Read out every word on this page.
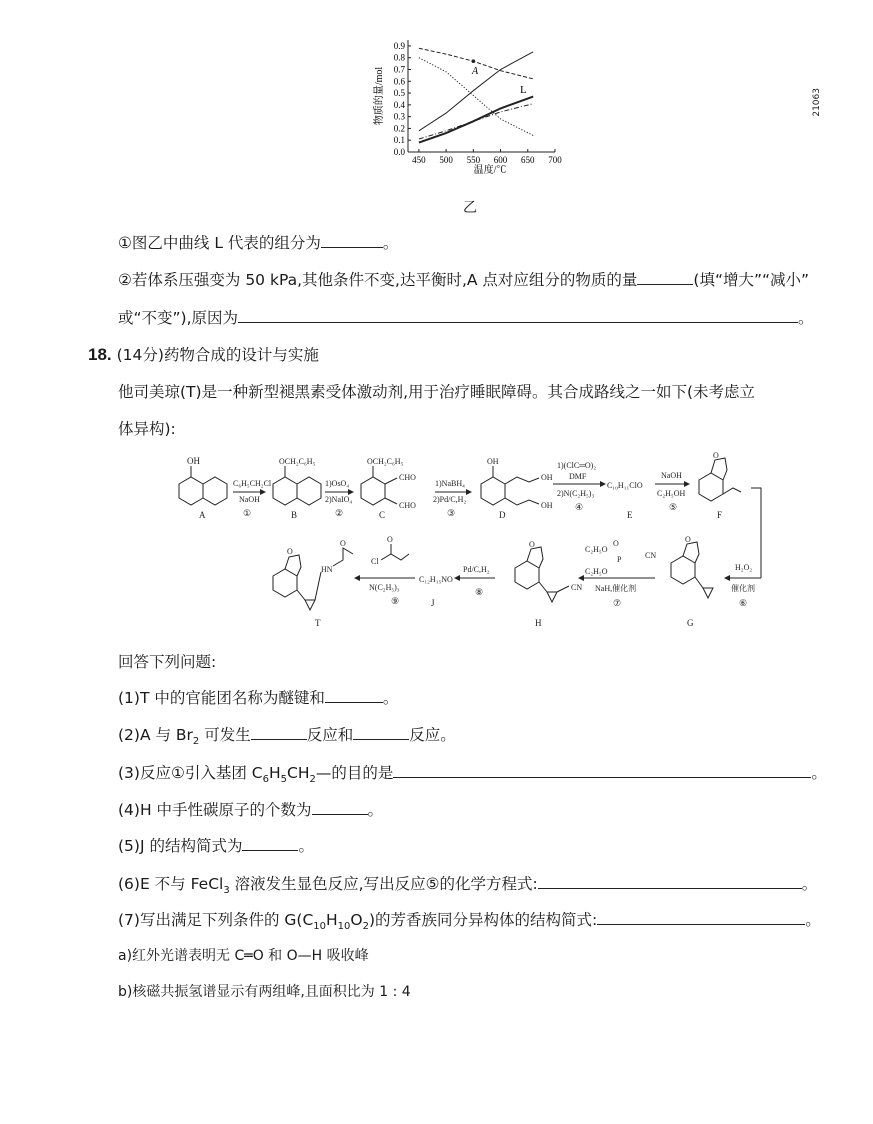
0.0
0.1
0.2
0.3
0.4
0.5
0.6
0.7
0.8
0.9
450 500 550 600 650 700
A
L
温度/℃
物质的量/mol
乙
21063
①图乙中曲线 L 代表的组分为	。
②若体系压强变为 50 kPa,其他条件不变,达平衡时,A 点对应组分的物质的量	(填“增大”“减小”
或“不变”),原因为	。
18. (14分)药物合成的设计与实施
他司美琼(T)是一种新型褪黑素受体激动剂,用于治疗睡眠障碍。其合成路线之一如下(未考虑立
体异构):
OH
A
C₆H₅CH₂Cl
NaOH
①
OCH₂C₆H₅
B
1)OsO₄
2)NaIO₄
②
OCH₂C₆H₅
CHO
CHO
C
1)NaBH₄
2)Pd/C,H₂
③
OH
OH
OH
D
1)(ClC═O)₂
DMF
2)N(C₂H₅)₃
④
C₁₀H₁₁ClO
E
NaOH
C₂H₅OH
⑤
O
F
H₂O₂
催化剂
⑥
O
G
C₂H₅O
C₂H₅O
P
O
CN
NaH,催化剂
⑦
CN
O
H
Pd/C,H₂
⑧
C₁₂H₁₅NO
J
Cl
O
N(C₂H₅)₃
⑨
HN
O
O
T
回答下列问题:
(1)T 中的官能团名称为醚键和	。
(2)A 与 $Br_2$ 可发生	反应和	反应。
(3)反应①引入基团 $C_6H_5CH_2—$的目的是	。
(4)H 中手性碳原子的个数为	。
(5)J 的结构简式为	。
(6)E 不与 FeCl$_3$ 溶液发生显色反应,写出反应⑤的化学方程式:	。
(7)写出满足下列条件的 $G(C_{10}H_{10}O_2)$的芳香族同分异构体的结构简式:	。
a)红外光谱表明无 C═O 和 O—H 吸收峰
b)核磁共振氢谱显示有两组峰,且面积比为 1 : 4
